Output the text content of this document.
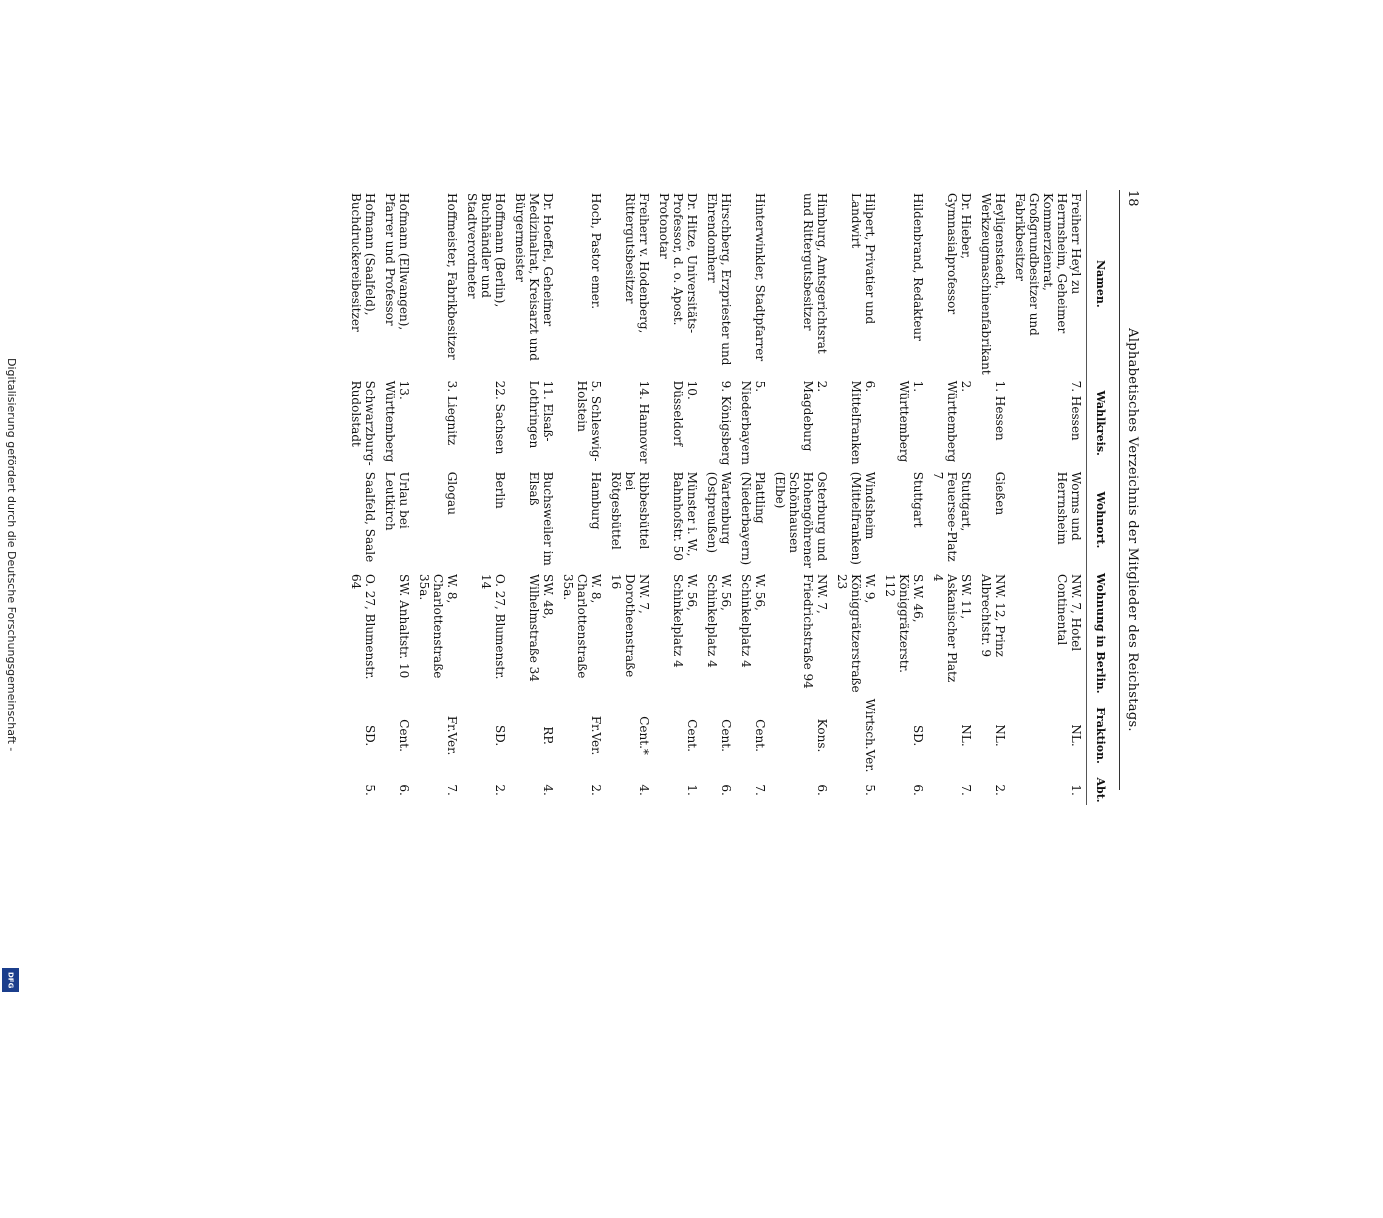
Digitalisierung gefördert durch die Deutsche Forschungsgemeinschaft -
DFG
18
Alphabetisches Verzeichnis der Mitglieder des Reichstags.
Namen.	Wahlkreis.	Wohnort.	Wohnung in Berlin.	Fraktion.	Abt.
Freiherr Heyl zu Herrnsheim, Geheimer Kommerzienrat, Großgrundbesitzer und Fabrikbesitzer	7. Hessen	Worms und Herrnsheim	NW. 7, Hotel Continental	NL.	1.
Heyligenstaedt, Werkzeugmaschinenfabrikant	1. Hessen	Gießen	NW. 12, Prinz Albrechtstr. 9	NL.	2.
Dr. Hieber, Gymnasialprofessor	2. Württemberg	Stuttgart, Feuersee-Platz 7	SW. 11, Askanischer Platz 4	NL.	7.
Hildenbrand, Redakteur	1. Württemberg	Stuttgart	S.W. 46, Königgrätzerstr. 112	SD.	6.
Hilpert, Privatier und Landwirt	6. Mittelfranken	Windsheim (Mittelfranken)	W. 9, Königgrätzerstraße 23	Wirtsch.Ver.	5.
Himburg, Amtsgerichtsrat und Rittergutsbesitzer	2. Magdeburg	Osterburg und Hohengöhrener Schönhausen (Elbe)	NW. 7, Friedrichstraße 94	Kons.	6.
Hinterwinkler, Stadtpfarrer	5. Niederbayern	Plattling (Niederbayern)	W. 56, Schinkelplatz 4	Cent.	7.
Hirschberg, Erzpriester und Ehrendomherr	9. Königsberg	Wartenburg (Ostpreußen)	W. 56, Schinkelplatz 4	Cent.	6.
Dr. Hitze, Universitäts-Professor, d. o. Apost. Protonotar	10. Düsseldorf	Münster i. W., Bahnhofstr. 50	W. 56, Schinkelplatz 4	Cent.	1.
Freiherr v. Hodenberg, Rittergutsbesitzer	14. Hannover	Ribbesbüttel bei Rötgesbüttel	NW. 7, Dorotheenstraße 16	Cent.*	4.
Hoch, Pastor emer.	5. Schleswig-Holstein	Hamburg	W. 8, Charlottenstraße 35a.	Fr.Ver.	2.
Dr. Hoeffel, Geheimer Medizinalrat, Kreisarzt und Bürgermeister	11. Elsaß-Lothringen	Buchsweiler im Elsaß	SW. 48, Wilhelmstraße 34	RP.	4.
Hoffmann (Berlin), Buchhändler und Stadtverordneter	22. Sachsen	Berlin	O. 27, Blumenstr. 14	SD.	2.
Hoffmeister, Fabrikbesitzer	3. Liegnitz	Glogau	W. 8, Charlottenstraße 35a.	Fr.Ver.	7.
Hofmann (Ellwangen), Pfarrer und Professor	13. Württemberg	Urlau bei Leutkirch	SW. Anhaltstr. 10	Cent.	6.
Hofmann (Saalfeld), Buchdruckereibesitzer	Schwarzburg-Rudolstadt	Saalfeld, Saale	O. 27, Blumenstr. 64	SD.	5.
